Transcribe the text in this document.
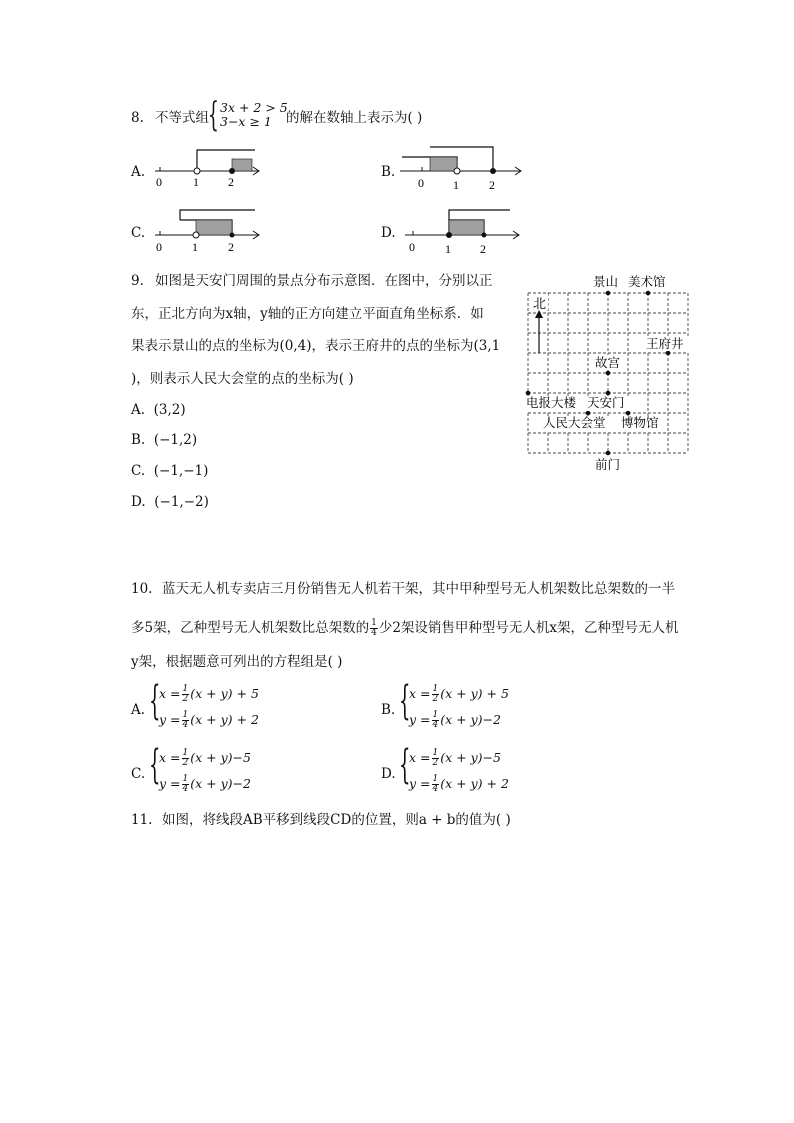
8. 不等式组 { 3x + 2 > 5
3−x ≥ 1 的解在数轴上表示为( )
A.
0	1 2
B.
0 1	2
C.
0	1	2
D.
0	1 2
9. 如图是天安门周围的景点分布示意图．在图中，分别以正
东，正北方向为x轴，y轴的正方向建立平面直角坐标系．如
果表示景山的点的坐标为(0,4)，表示王府井的点的坐标为(3,1
)，则表示人民大会堂的点的坐标为( )
A. (3,2)
B. (−1,2)
C. (−1,−1)
D. (−1,−2)
北
景山 美术馆
王府井
故宫
电报大楼 天安门
人民大会堂 博物馆
前门
10. 蓝天无人机专卖店三月份销售无人机若干架，其中甲种型号无人机架数比总架数的一半
多5架，乙种型号无人机架数比总架数的 $\frac{1}{4}$ 少2架设销售甲种型号无人机x架，乙种型号无人机
y架，根据题意可列出的方程组是( )
A. {
$x = \frac{1}{2} (x + y) + 5$
$y = \frac{1}{4} (x + y) + 2$
B. {
$x = \frac{1}{2} (x + y) + 5$
$y = \frac{1}{4} (x + y)-2$
C. {
$x = \frac{1}{2} (x + y)-5$
$y = \frac{1}{4} (x + y)-2$
D. {
$x = \frac{1}{2} (x + y)-5$
$y = \frac{1}{4} (x + y) + 2$
11. 如图，将线段AB平移到线段CD的位置，则a + b的值为( )
